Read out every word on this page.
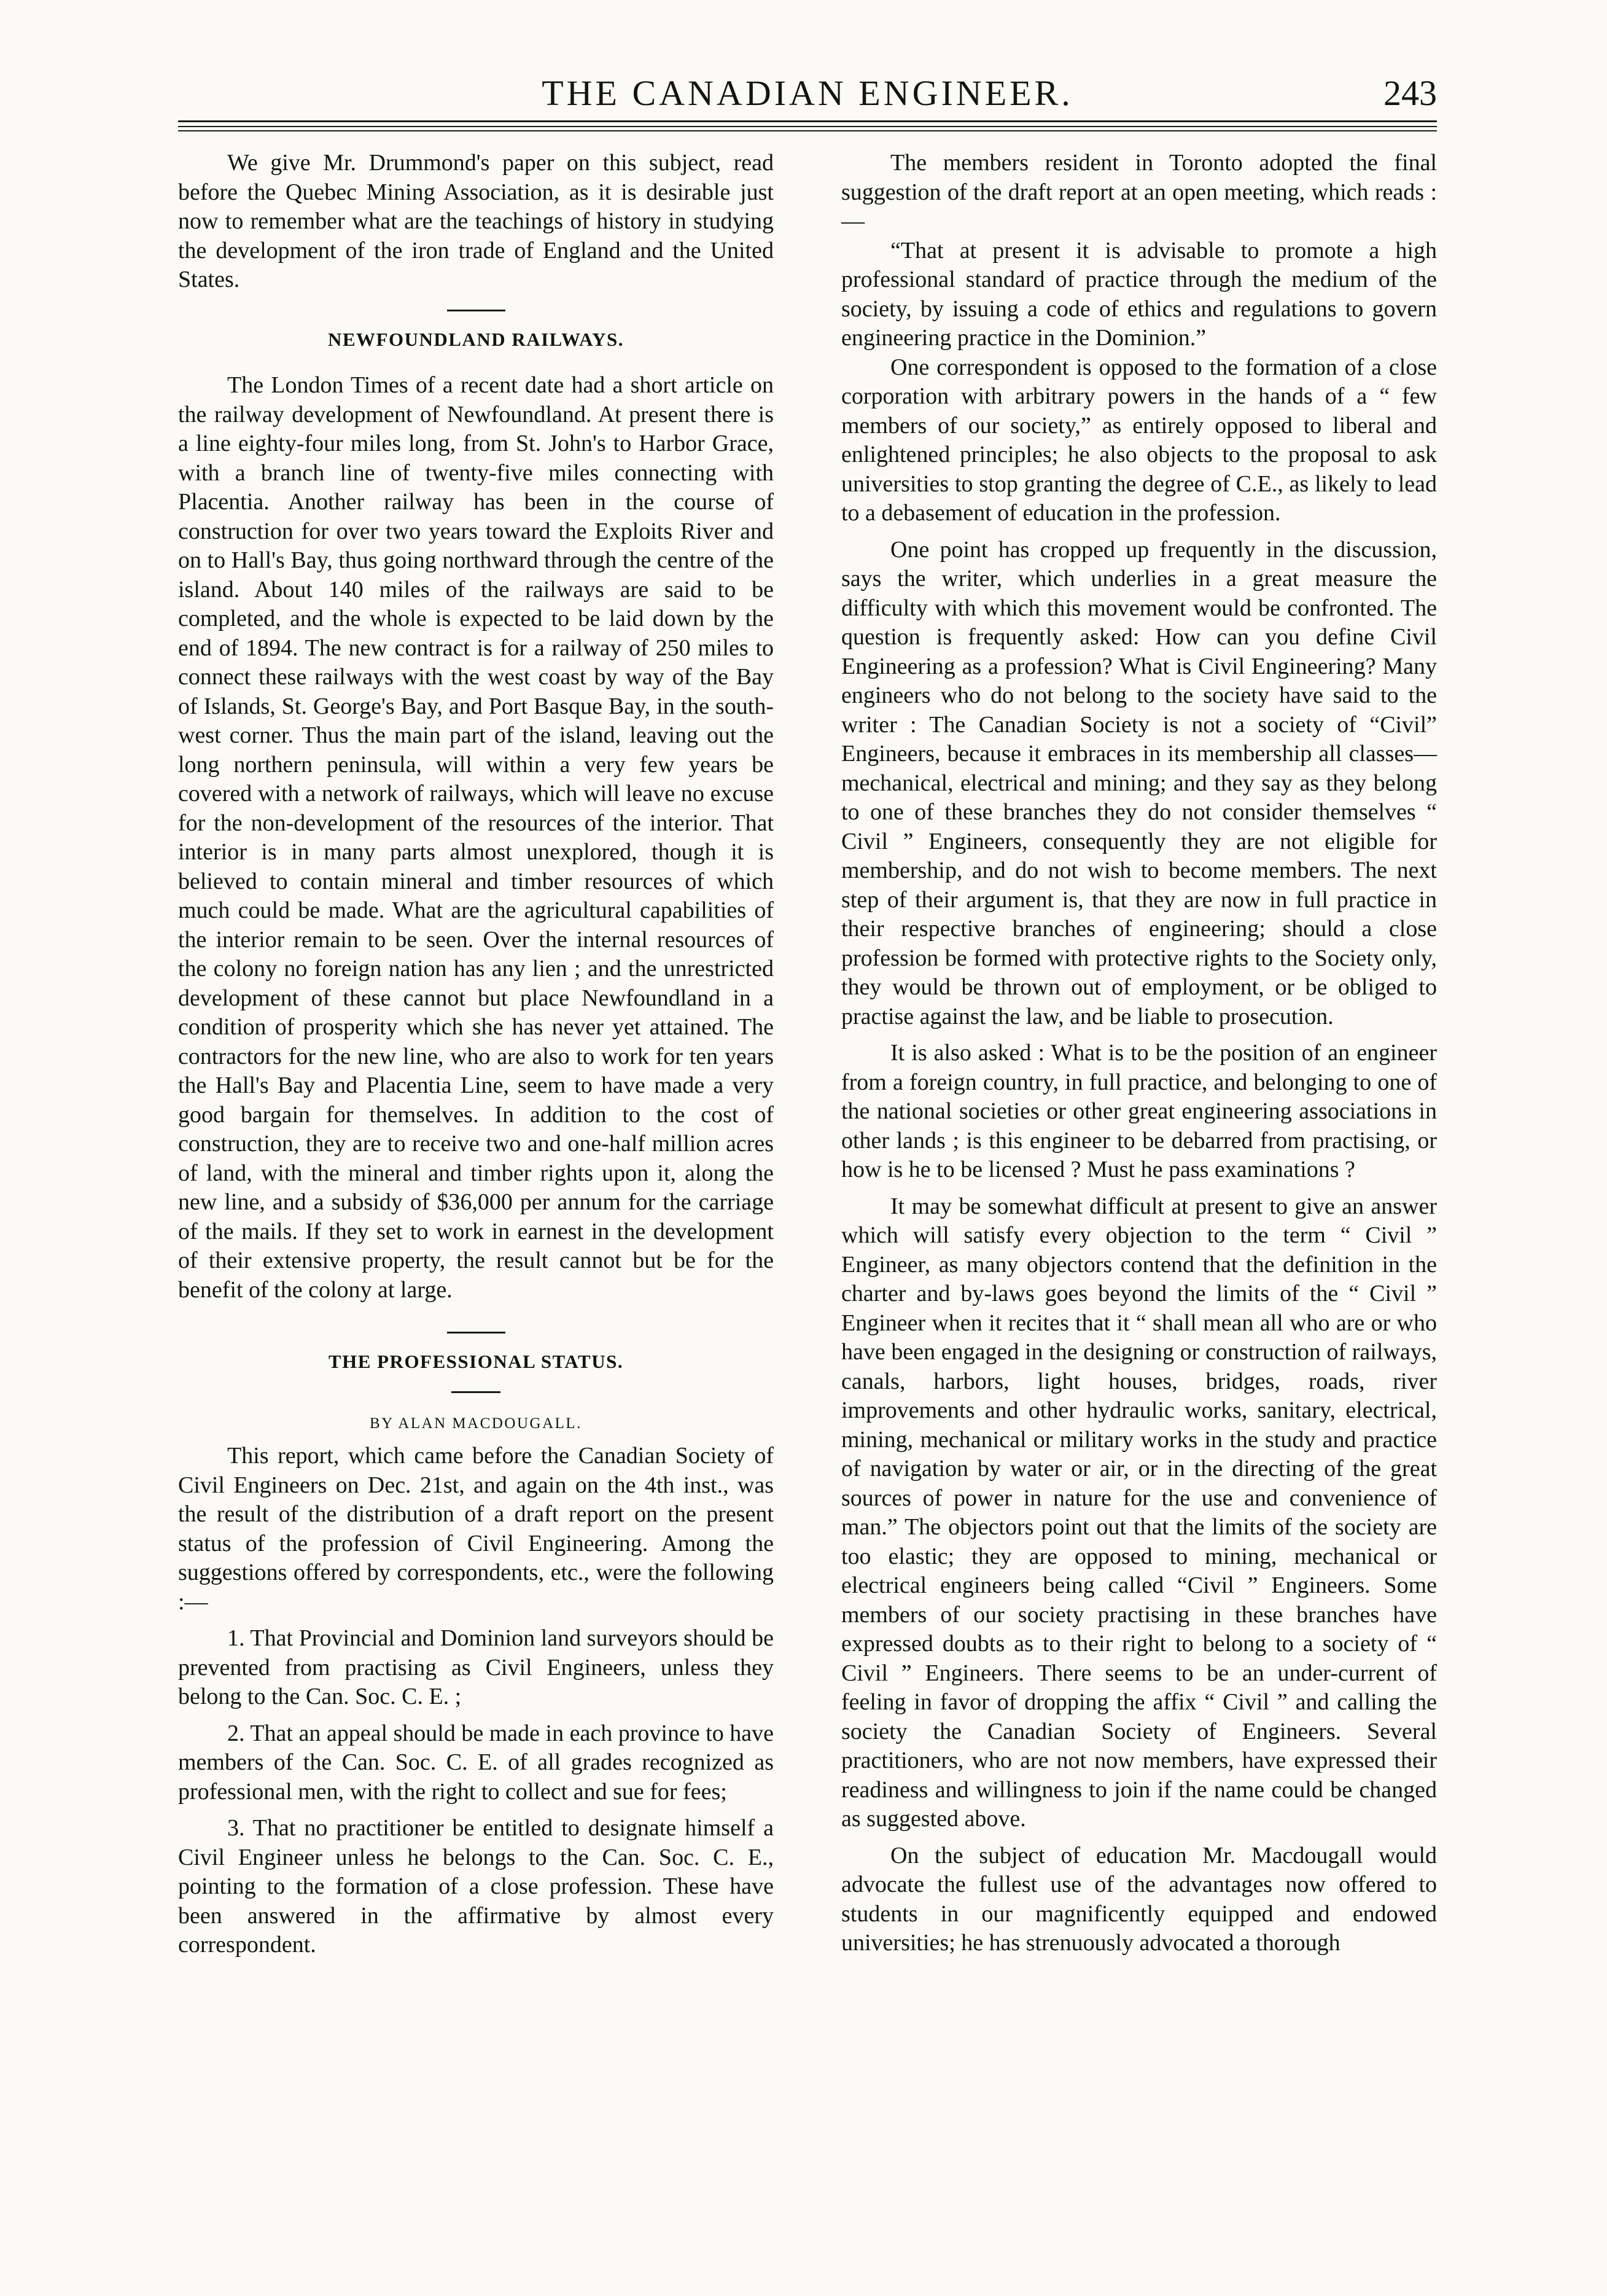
THE CANADIAN ENGINEER.	243

We give Mr. Drummond's paper on this subject, read before the Quebec Mining Association, as it is desirable just now to remember what are the teachings of history in studying the development of the iron trade of England and the United States.

NEWFOUNDLAND RAILWAYS.

The London Times of a recent date had a short article on the railway development of Newfoundland. At present there is a line eighty-four miles long, from St. John's to Harbor Grace, with a branch line of twenty-five miles connecting with Placentia. Another railway has been in the course of construction for over two years toward the Exploits River and on to Hall's Bay, thus going northward through the centre of the island. About 140 miles of the railways are said to be completed, and the whole is expected to be laid down by the end of 1894. The new contract is for a railway of 250 miles to connect these railways with the west coast by way of the Bay of Islands, St. George's Bay, and Port Basque Bay, in the south-west corner. Thus the main part of the island, leaving out the long northern peninsula, will within a very few years be covered with a network of railways, which will leave no excuse for the non-development of the resources of the interior. That interior is in many parts almost unexplored, though it is believed to contain mineral and timber resources of which much could be made. What are the agricultural capabilities of the interior remain to be seen. Over the internal resources of the colony no foreign nation has any lien ; and the unrestricted development of these cannot but place Newfoundland in a condition of prosperity which she has never yet attained. The contractors for the new line, who are also to work for ten years the Hall's Bay and Placentia Line, seem to have made a very good bargain for themselves. In addition to the cost of construction, they are to receive two and one-half million acres of land, with the mineral and timber rights upon it, along the new line, and a subsidy of $36,000 per annum for the carriage of the mails. If they set to work in earnest in the development of their extensive property, the result cannot but be for the benefit of the colony at large.

THE PROFESSIONAL STATUS.
BY ALAN MACDOUGALL.

This report, which came before the Canadian Society of Civil Engineers on Dec. 21st, and again on the 4th inst., was the result of the distribution of a draft report on the present status of the profession of Civil Engineering. Among the suggestions offered by correspondents, etc., were the following :—

1. That Provincial and Dominion land surveyors should be prevented from practising as Civil Engineers, unless they belong to the Can. Soc. C. E. ;

2. That an appeal should be made in each province to have members of the Can. Soc. C. E. of all grades recognized as professional men, with the right to collect and sue for fees;

3. That no practitioner be entitled to designate himself a Civil Engineer unless he belongs to the Can. Soc. C. E., pointing to the formation of a close profession. These have been answered in the affirmative by almost every correspondent.

The members resident in Toronto adopted the final suggestion of the draft report at an open meeting, which reads :—

“That at present it is advisable to promote a high professional standard of practice through the medium of the society, by issuing a code of ethics and regulations to govern engineering practice in the Dominion.”

One correspondent is opposed to the formation of a close corporation with arbitrary powers in the hands of a “ few members of our society,” as entirely opposed to liberal and enlightened principles; he also objects to the proposal to ask universities to stop granting the degree of C.E., as likely to lead to a debasement of education in the profession.

One point has cropped up frequently in the discussion, says the writer, which underlies in a great measure the difficulty with which this movement would be confronted. The question is frequently asked: How can you define Civil Engineering as a profession? What is Civil Engineering? Many engineers who do not belong to the society have said to the writer : The Canadian Society is not a society of “Civil” Engineers, because it embraces in its membership all classes—mechanical, electrical and mining; and they say as they belong to one of these branches they do not consider themselves “ Civil ” Engineers, consequently they are not eligible for membership, and do not wish to become members. The next step of their argument is, that they are now in full practice in their respective branches of engineering; should a close profession be formed with protective rights to the Society only, they would be thrown out of employment, or be obliged to practise against the law, and be liable to prosecution.

It is also asked : What is to be the position of an engineer from a foreign country, in full practice, and belonging to one of the national societies or other great engineering associations in other lands ; is this engineer to be debarred from practising, or how is he to be licensed ? Must he pass examinations ?

It may be somewhat difficult at present to give an answer which will satisfy every objection to the term “ Civil ” Engineer, as many objectors contend that the definition in the charter and by-laws goes beyond the limits of the “ Civil ” Engineer when it recites that it “ shall mean all who are or who have been engaged in the designing or construction of railways, canals, harbors, light houses, bridges, roads, river improvements and other hydraulic works, sanitary, electrical, mining, mechanical or military works in the study and practice of navigation by water or air, or in the directing of the great sources of power in nature for the use and convenience of man.” The objectors point out that the limits of the society are too elastic; they are opposed to mining, mechanical or electrical engineers being called “Civil ” Engineers. Some members of our society practising in these branches have expressed doubts as to their right to belong to a society of “ Civil ” Engineers. There seems to be an under-current of feeling in favor of dropping the affix “ Civil ” and calling the society the Canadian Society of Engineers. Several practitioners, who are not now members, have expressed their readiness and willingness to join if the name could be changed as suggested above.

On the subject of education Mr. Macdougall would advocate the fullest use of the advantages now offered to students in our magnificently equipped and endowed universities; he has strenuously advocated a thorough
